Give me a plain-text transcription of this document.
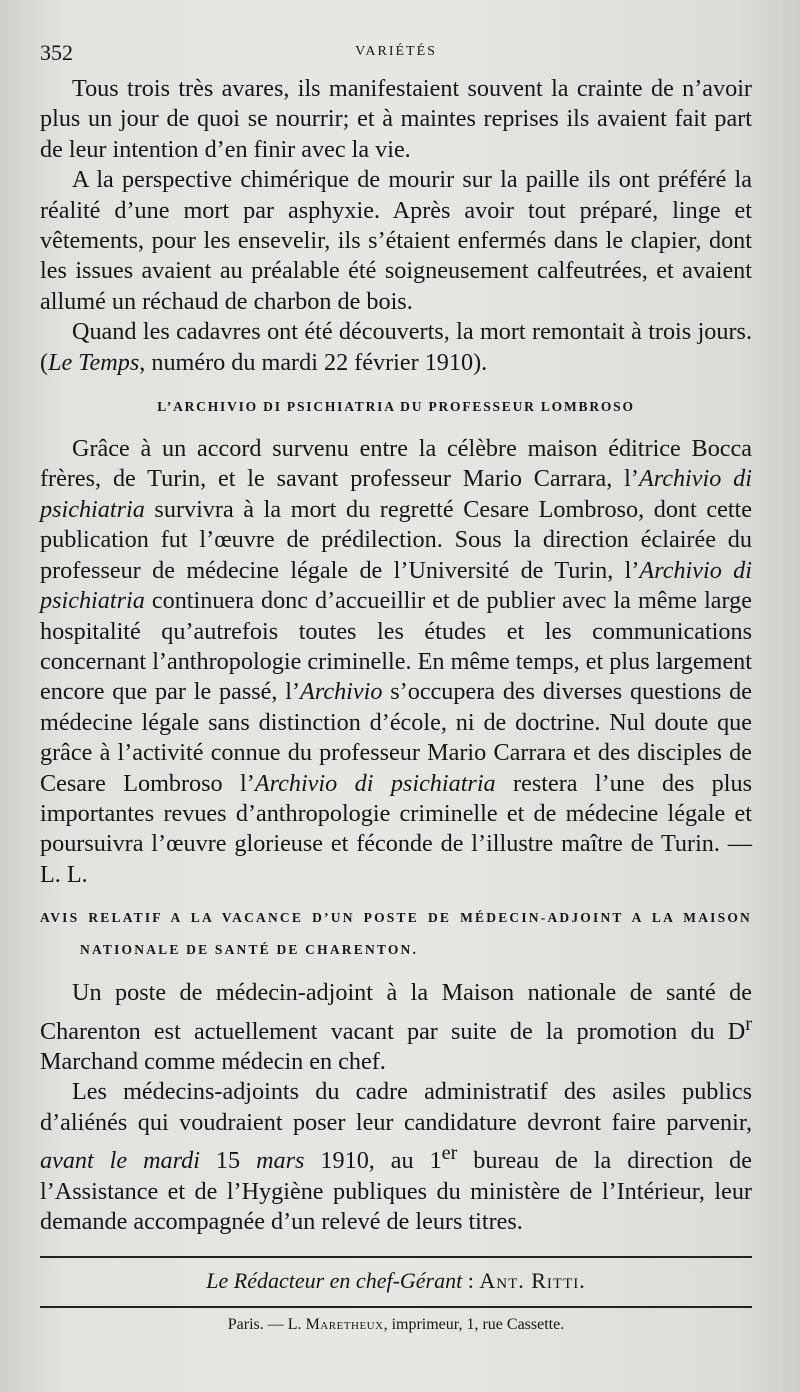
352	VARIÉTÉS

Tous trois très avares, ils manifestaient souvent la crainte de n’avoir plus un jour de quoi se nourrir; et à maintes reprises ils avaient fait part de leur intention d’en finir avec la vie.

A la perspective chimérique de mourir sur la paille ils ont préféré la réalité d’une mort par asphyxie. Après avoir tout préparé, linge et vêtements, pour les ensevelir, ils s’étaient enfermés dans le clapier, dont les issues avaient au préalable été soigneusement calfeutrées, et avaient allumé un réchaud de charbon de bois.

Quand les cadavres ont été découverts, la mort remontait à trois jours. (Le Temps, numéro du mardi 22 février 1910).

L’ARCHIVIO DI PSICHIATRIA DU PROFESSEUR LOMBROSO

Grâce à un accord survenu entre la célèbre maison éditrice Bocca frères, de Turin, et le savant professeur Mario Carrara, l’Archivio di psichiatria survivra à la mort du regretté Cesare Lombroso, dont cette publication fut l’œuvre de prédilection. Sous la direction éclairée du professeur de médecine légale de l’Université de Turin, l’Archivio di psichiatria continuera donc d’accueillir et de publier avec la même large hospitalité qu’autrefois toutes les études et les communications concernant l’anthropologie criminelle. En même temps, et plus largement encore que par le passé, l’Archivio s’occupera des diverses questions de médecine légale sans distinction d’école, ni de doctrine. Nul doute que grâce à l’activité connue du professeur Mario Carrara et des disciples de Cesare Lombroso l’Archivio di psichiatria restera l’une des plus importantes revues d’anthropologie criminelle et de médecine légale et poursuivra l’œuvre glorieuse et féconde de l’illustre maître de Turin. — L. L.

AVIS RELATIF A LA VACANCE D’UN POSTE DE MÉDECIN-ADJOINT A LA MAISON NATIONALE DE SANTÉ DE CHARENTON.

Un poste de médecin-adjoint à la Maison nationale de santé de Charenton est actuellement vacant par suite de la promotion du $D^r$ Marchand comme médecin en chef.

Les médecins-adjoints du cadre administratif des asiles publics d’aliénés qui voudraient poser leur candidature devront faire parvenir, avant le mardi 15 mars 1910, au 1er bureau de la direction de l’Assistance et de l’Hygiène publiques du ministère de l’Intérieur, leur demande accompagnée d’un relevé de leurs titres.

Le Rédacteur en chef-Gérant : Ant. Ritti.
Paris. — L. Maretheux, imprimeur, 1, rue Cassette.
